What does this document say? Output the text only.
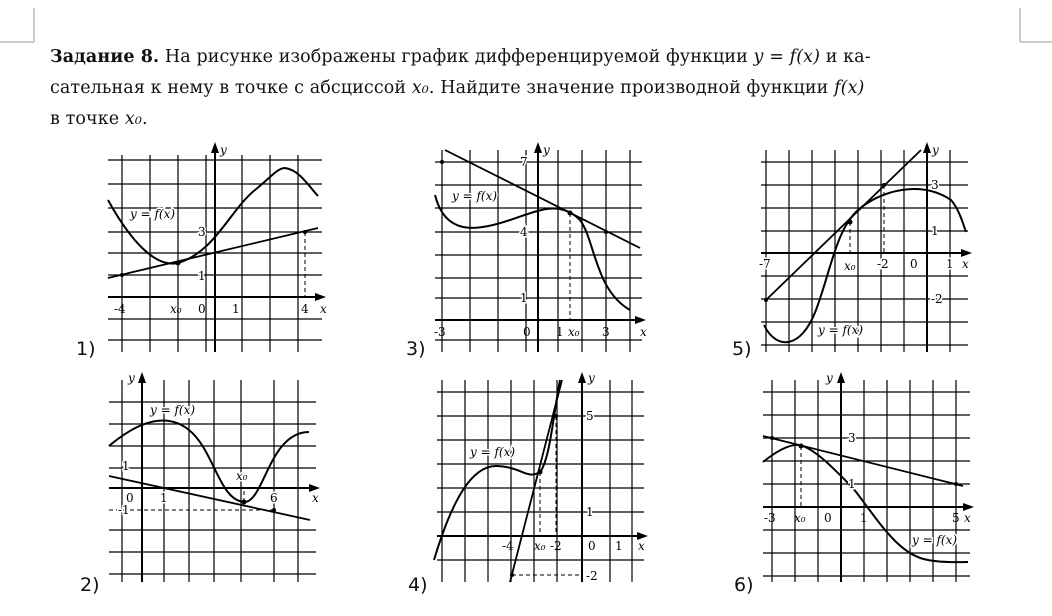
Задание 8. На рисунке изображены график дифференцируемой функции y = f(x) и ка-
сательная к нему в точке с абсциссой x₀. Найдите значение производной функции f(x)
в точке x₀.
1)
y
x
y = f(x)
-4	x₀ 0 1	4
1
3
3)
y
x
y = f(x)
-3	0 1 x₀ 3
7
4
1
5)
y
x
y = f(x)
-7	x₀ -2 0 1
3
1
-2
2)
y
x
y = f(x)
0 1
x₀
6
1
-1
4)
y
x
y = f(x)
-4 x₀ -2 0 1
5
1
-2	6)
y
x
y = f(x)
-3 x₀ 0 1	5
3
1
